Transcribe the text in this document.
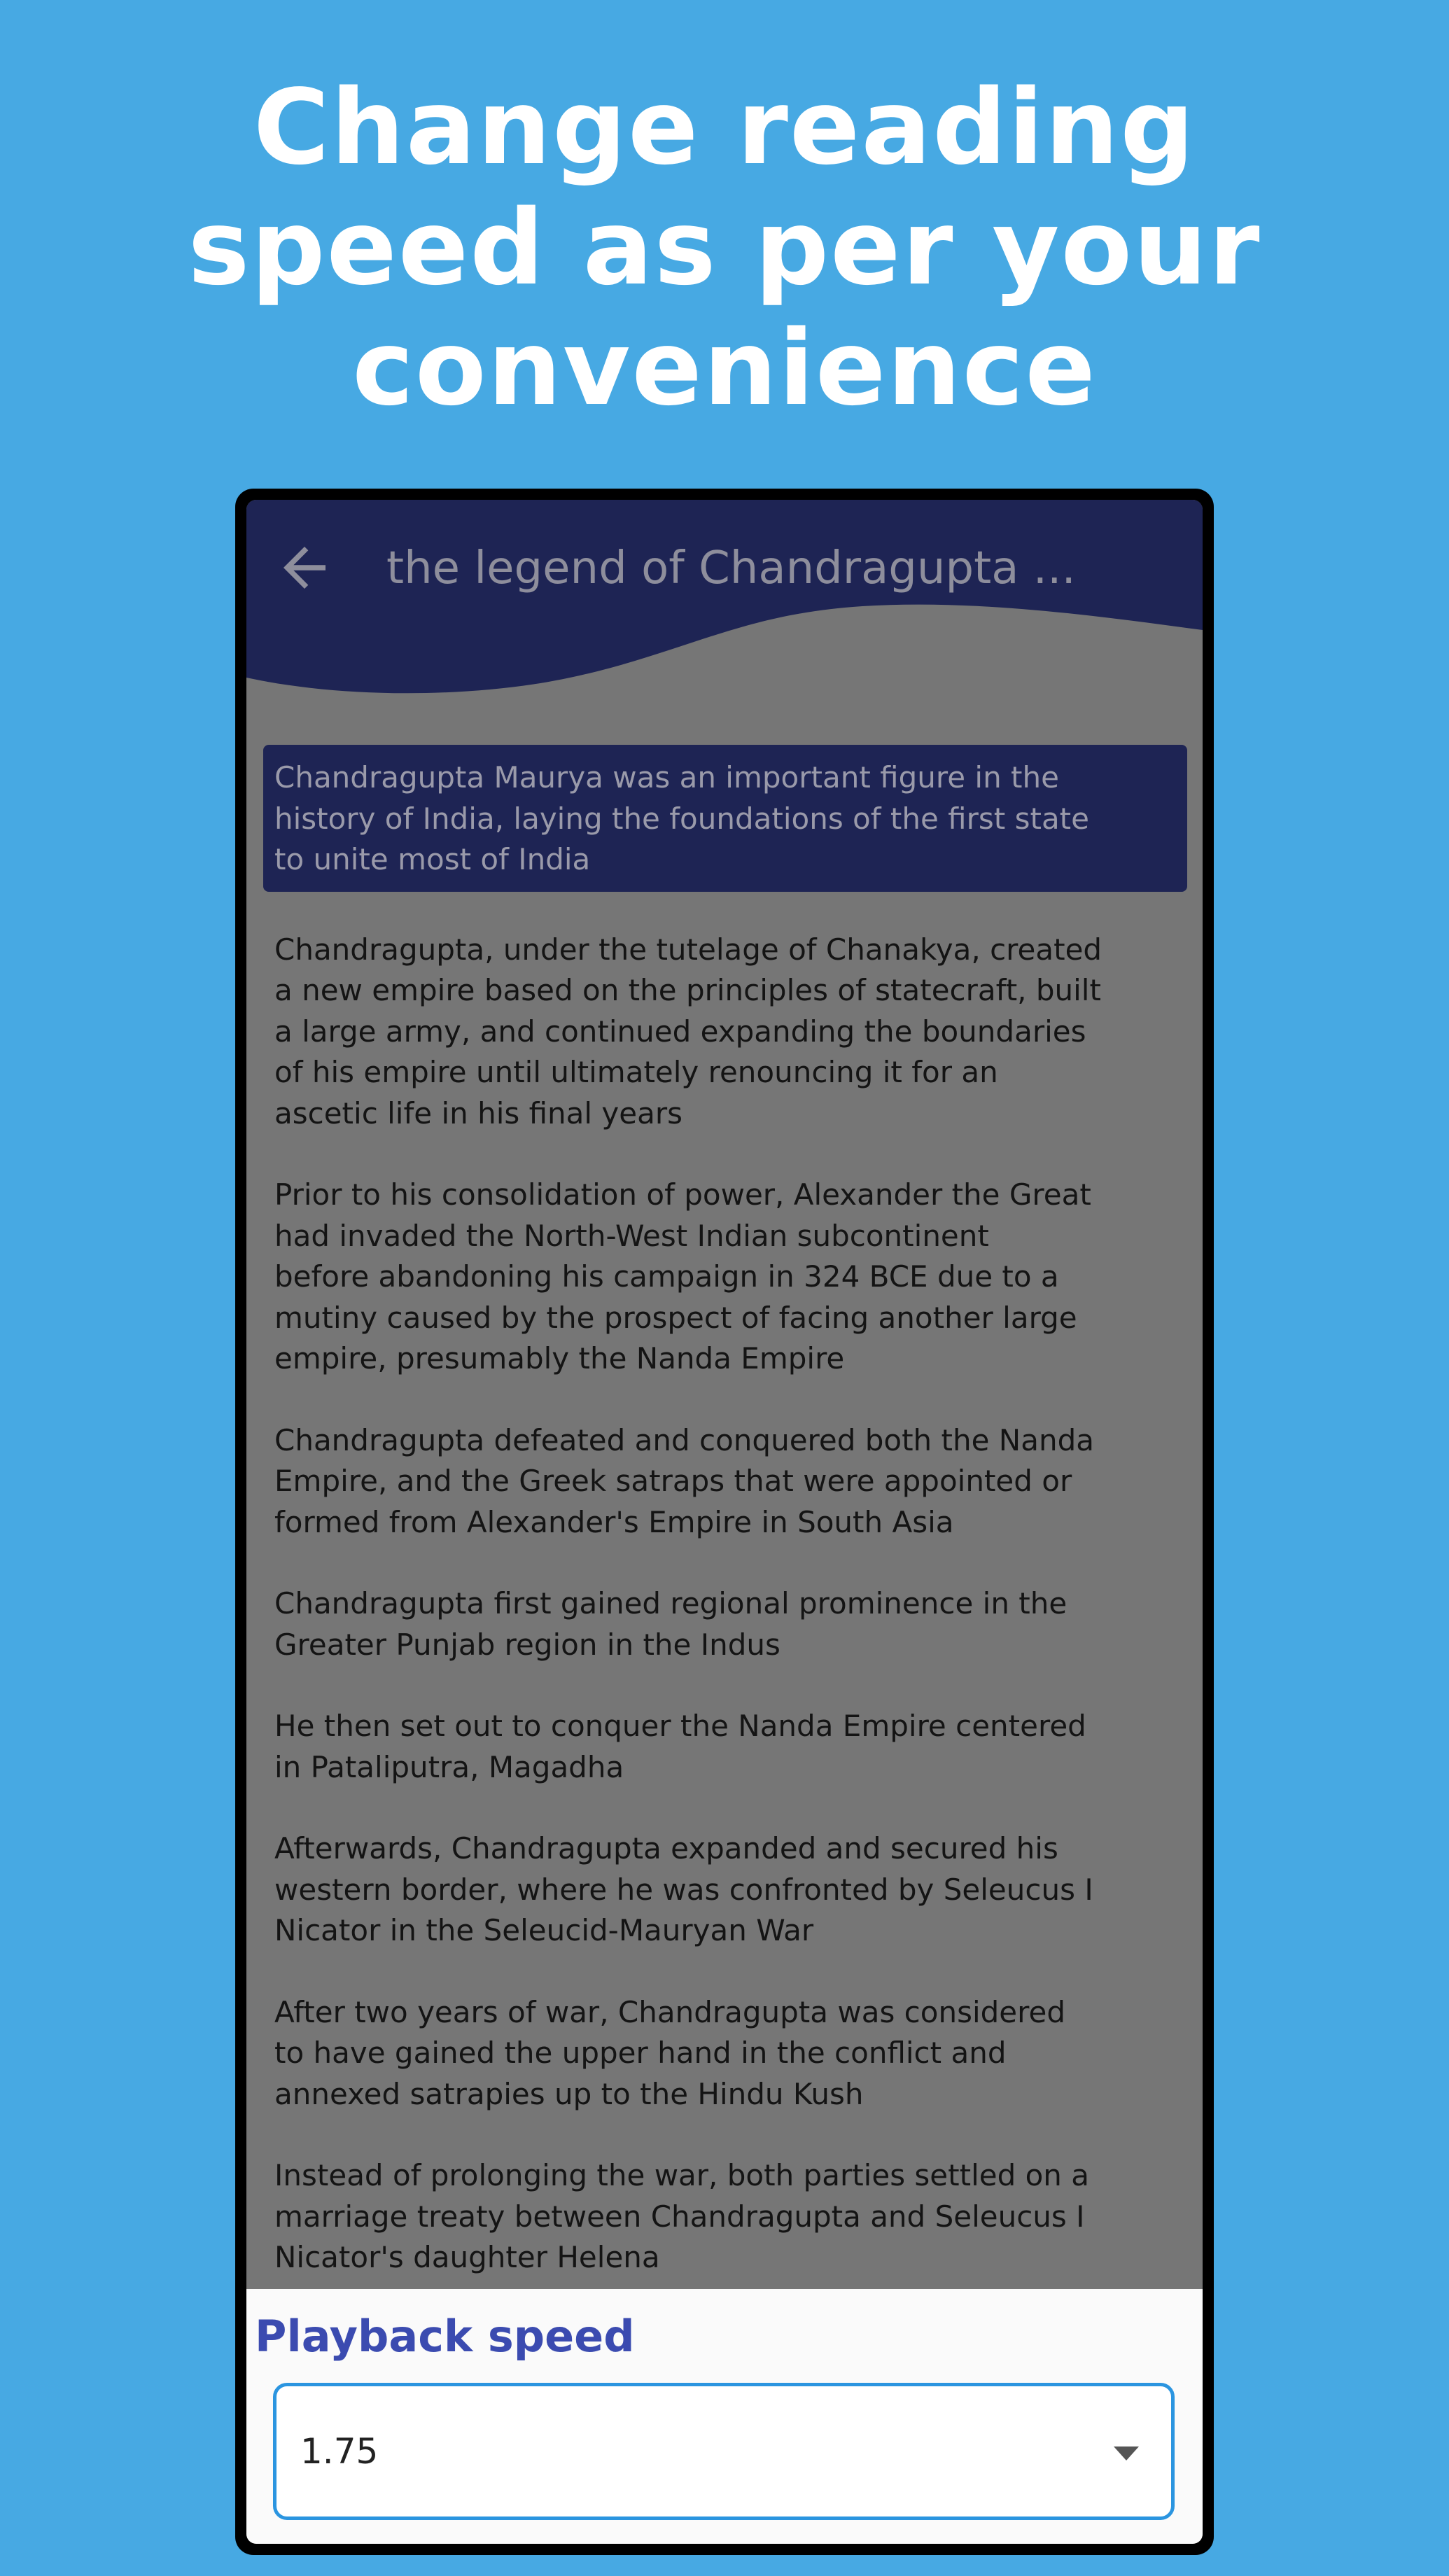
Change reading
speed as per your
convenience
the legend of Chandragupta ...
Chandragupta Maurya was an important figure in the
history of India, laying the foundations of the first state
to unite most of India
Chandragupta, under the tutelage of Chanakya, created
a new empire based on the principles of statecraft, built
a large army, and continued expanding the boundaries
of his empire until ultimately renouncing it for an
ascetic life in his final years
Prior to his consolidation of power, Alexander the Great
had invaded the North-West Indian subcontinent
before abandoning his campaign in 324 BCE due to a
mutiny caused by the prospect of facing another large
empire, presumably the Nanda Empire
Chandragupta defeated and conquered both the Nanda
Empire, and the Greek satraps that were appointed or
formed from Alexander's Empire in South Asia
Chandragupta first gained regional prominence in the
Greater Punjab region in the Indus
He then set out to conquer the Nanda Empire centered
in Pataliputra, Magadha
Afterwards, Chandragupta expanded and secured his
western border, where he was confronted by Seleucus I
Nicator in the Seleucid-Mauryan War
After two years of war, Chandragupta was considered
to have gained the upper hand in the conflict and
annexed satrapies up to the Hindu Kush
Instead of prolonging the war, both parties settled on a
marriage treaty between Chandragupta and Seleucus I
Nicator's daughter Helena
Playback speed
1.75
